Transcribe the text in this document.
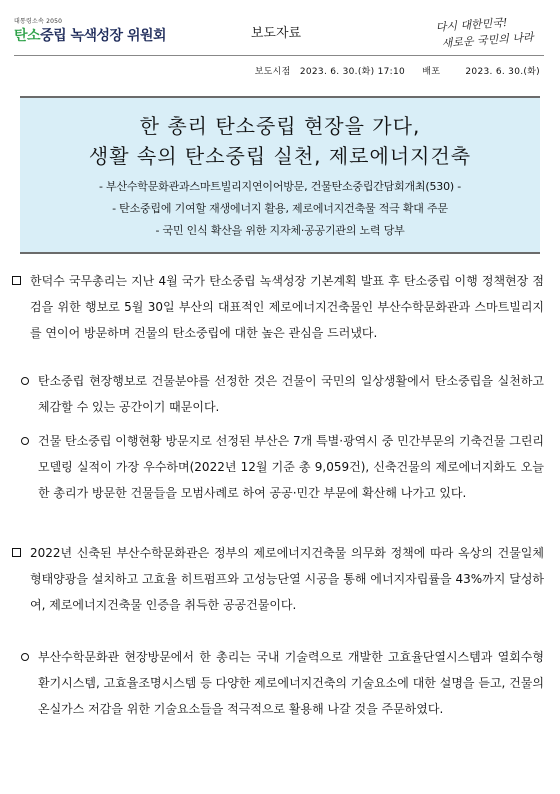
대통령소속 2050
탄소중립 녹색성장 위원회	보도자료	다시 대한민국!
새로운 국민의 나라
보도시점 2023. 6. 30.(화) 17:10 배포	2023. 6. 30.(화)
한 총리 탄소중립 현장을 가다,
생활 속의 탄소중립 실천, 제로에너지건축
- 부산수학문화관과스마트빌리지연이어방문, 건물탄소중립간담회개최(530) -
- 탄소중립에 기여할 재생에너지 활용, 제로에너지건축물 적극 확대 주문
- 국민 인식 확산을 위한 지자체·공공기관의 노력 당부
한덕수 국무총리는 지난 4월 국가 탄소중립 녹색성장 기본계획 발표 후 탄소중립 이행 정책현장 점검을 위한 행보로 5월 30일 부산의 대표적인 제로에너지건축물인 부산수학문화관과 스마트빌리지를 연이어 방문하며 건물의 탄소중립에 대한 높은 관심을 드러냈다.
탄소중립 현장행보로 건물분야를 선정한 것은 건물이 국민의 일상생활에서 탄소중립을 실천하고 체감할 수 있는 공간이기 때문이다.
건물 탄소중립 이행현황 방문지로 선정된 부산은 7개 특별·광역시 중 민간부문의 기축건물 그린리모델링 실적이 가장 우수하며(2022년 12월 기준 총 9,059건), 신축건물의 제로에너지화도 오늘 한 총리가 방문한 건물들을 모범사례로 하여 공공·민간 부문에 확산해 나가고 있다.
2022년 신축된 부산수학문화관은 정부의 제로에너지건축물 의무화 정책에 따라 옥상의 건물일체형태양광을 설치하고 고효율 히트펌프와 고성능단열 시공을 통해 에너지자립률을 43%까지 달성하여, 제로에너지건축물 인증을 취득한 공공건물이다.
부산수학문화관 현장방문에서 한 총리는 국내 기술력으로 개발한 고효율단열시스템과 열회수형 환기시스템, 고효율조명시스템 등 다양한 제로에너지건축의 기술요소에 대한 설명을 듣고, 건물의 온실가스 저감을 위한 기술요소들을 적극적으로 활용해 나갈 것을 주문하였다.
